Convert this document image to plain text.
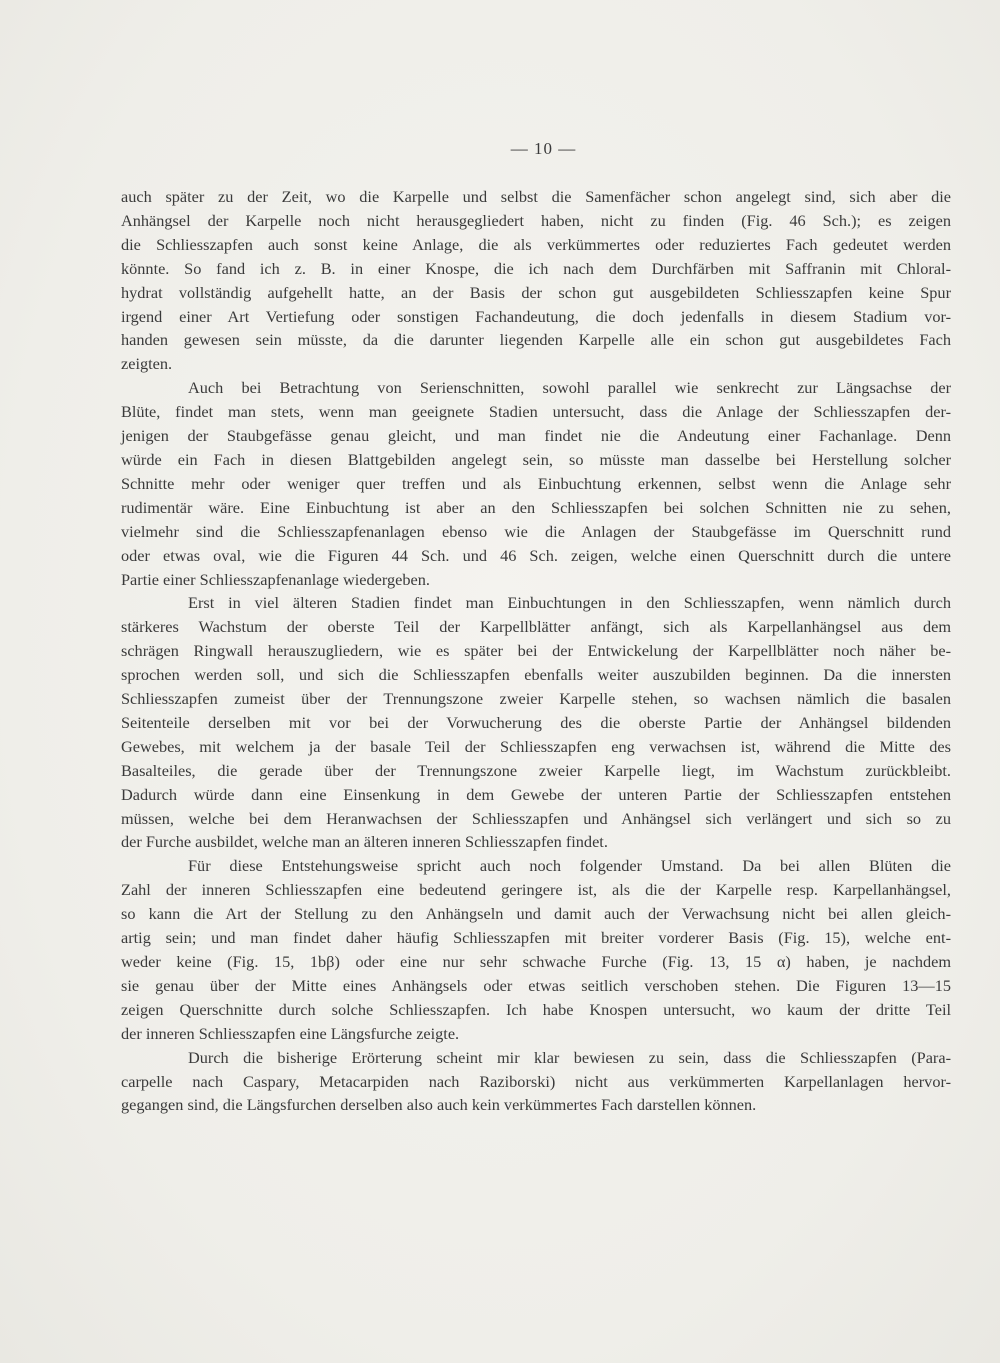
— 10 —
auch später zu der Zeit, wo die Karpelle und selbst die Samenfächer schon angelegt sind, sich aber die
Anhängsel der Karpelle noch nicht herausgegliedert haben, nicht zu finden (Fig. 46 Sch.); es zeigen
die Schliesszapfen auch sonst keine Anlage, die als verkümmertes oder reduziertes Fach gedeutet werden
könnte. So fand ich z. B. in einer Knospe, die ich nach dem Durchfärben mit Saffranin mit Chloral-
hydrat vollständig aufgehellt hatte, an der Basis der schon gut ausgebildeten Schliesszapfen keine Spur
irgend einer Art Vertiefung oder sonstigen Fachandeutung, die doch jedenfalls in diesem Stadium vor-
handen gewesen sein müsste, da die darunter liegenden Karpelle alle ein schon gut ausgebildetes Fach
zeigten.
Auch bei Betrachtung von Serienschnitten, sowohl parallel wie senkrecht zur Längsachse der
Blüte, findet man stets, wenn man geeignete Stadien untersucht, dass die Anlage der Schliesszapfen der-
jenigen der Staubgefässe genau gleicht, und man findet nie die Andeutung einer Fachanlage. Denn
würde ein Fach in diesen Blattgebilden angelegt sein, so müsste man dasselbe bei Herstellung solcher
Schnitte mehr oder weniger quer treffen und als Einbuchtung erkennen, selbst wenn die Anlage sehr
rudimentär wäre. Eine Einbuchtung ist aber an den Schliesszapfen bei solchen Schnitten nie zu sehen,
vielmehr sind die Schliesszapfenanlagen ebenso wie die Anlagen der Staubgefässe im Querschnitt rund
oder etwas oval, wie die Figuren 44 Sch. und 46 Sch. zeigen, welche einen Querschnitt durch die untere
Partie einer Schliesszapfenanlage wiedergeben.
Erst in viel älteren Stadien findet man Einbuchtungen in den Schliesszapfen, wenn nämlich durch
stärkeres Wachstum der oberste Teil der Karpellblätter anfängt, sich als Karpellanhängsel aus dem
schrägen Ringwall herauszugliedern, wie es später bei der Entwickelung der Karpellblätter noch näher be-
sprochen werden soll, und sich die Schliesszapfen ebenfalls weiter auszubilden beginnen. Da die innersten
Schliesszapfen zumeist über der Trennungszone zweier Karpelle stehen, so wachsen nämlich die basalen
Seitenteile derselben mit vor bei der Vorwucherung des die oberste Partie der Anhängsel bildenden
Gewebes, mit welchem ja der basale Teil der Schliesszapfen eng verwachsen ist, während die Mitte des
Basalteiles, die gerade über der Trennungszone zweier Karpelle liegt, im Wachstum zurückbleibt.
Dadurch würde dann eine Einsenkung in dem Gewebe der unteren Partie der Schliesszapfen entstehen
müssen, welche bei dem Heranwachsen der Schliesszapfen und Anhängsel sich verlängert und sich so zu
der Furche ausbildet, welche man an älteren inneren Schliesszapfen findet.
Für diese Entstehungsweise spricht auch noch folgender Umstand. Da bei allen Blüten die
Zahl der inneren Schliesszapfen eine bedeutend geringere ist, als die der Karpelle resp. Karpellanhängsel,
so kann die Art der Stellung zu den Anhängseln und damit auch der Verwachsung nicht bei allen gleich-
artig sein; und man findet daher häufig Schliesszapfen mit breiter vorderer Basis (Fig. 15), welche ent-
weder keine (Fig. 15, 1bβ) oder eine nur sehr schwache Furche (Fig. 13, 15 α) haben, je nachdem
sie genau über der Mitte eines Anhängsels oder etwas seitlich verschoben stehen. Die Figuren 13—15
zeigen Querschnitte durch solche Schliesszapfen. Ich habe Knospen untersucht, wo kaum der dritte Teil
der inneren Schliesszapfen eine Längsfurche zeigte.
Durch die bisherige Erörterung scheint mir klar bewiesen zu sein, dass die Schliesszapfen (Para-
carpelle nach Caspary, Metacarpiden nach Raziborski) nicht aus verkümmerten Karpellanlagen hervor-
gegangen sind, die Längsfurchen derselben also auch kein verkümmertes Fach darstellen können.
